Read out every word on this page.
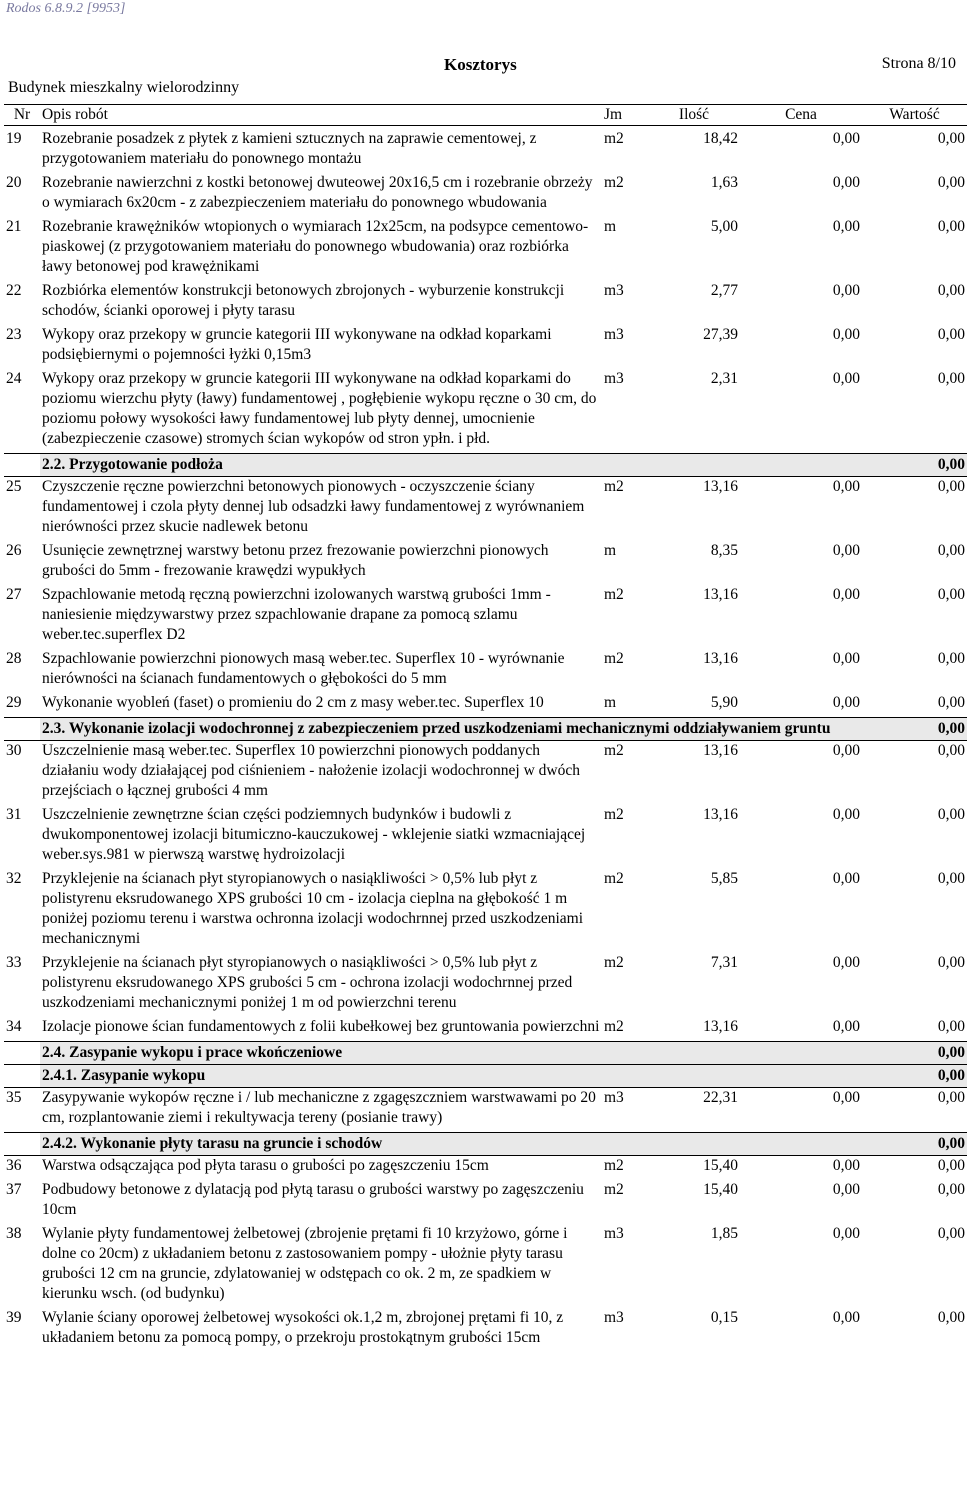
Rodos 6.8.9.2 [9953]
Kosztorys	Strona 8/10
Budynek mieszkalny wielorodzinny
Nr	Opis robót	Jm	Ilość	Cena	Wartość
19	Rozebranie posadzek z płytek z kamieni sztucznych na zaprawie cementowej, z przygotowaniem materiału do ponownego montażu	m2	18,42	0,00	0,00
20	Rozebranie nawierzchni z kostki betonowej dwuteowej 20x16,5 cm i rozebranie obrzeży o wymiarach 6x20cm - z zabezpieczeniem materiału do ponownego wbudowania	m2	1,63	0,00	0,00
21	Rozebranie krawężników wtopionych o wymiarach 12x25cm, na podsypce cementowo-piaskowej (z przygotowaniem materiału do ponownego wbudowania) oraz rozbiórka ławy betonowej pod krawężnikami	m	5,00	0,00	0,00
22	Rozbiórka elementów konstrukcji betonowych zbrojonych - wyburzenie konstrukcji schodów, ścianki oporowej i płyty tarasu	m3	2,77	0,00	0,00
23	Wykopy oraz przekopy w gruncie kategorii III wykonywane na odkład koparkami podsiębiernymi o pojemności łyżki 0,15m3	m3	27,39	0,00	0,00
24	Wykopy oraz przekopy w gruncie kategorii III wykonywane na odkład koparkami do poziomu wierzchu płyty (ławy) fundamentowej , pogłębienie wykopu ręczne o 30 cm, do poziomu połowy wysokości ławy fundamentowej lub płyty dennej, umocnienie (zabezpieczenie czasowe) stromych ścian wykopów od stron ypłn. i płd.	m3	2,31	0,00	0,00
	2.2. Przygotowanie podłoża				0,00
25	Czyszczenie ręczne powierzchni betonowych pionowych - oczyszczenie ściany fundamentowej i czola płyty dennej lub odsadzki ławy fundamentowej z wyrównaniem nierówności przez skucie nadlewek betonu	m2	13,16	0,00	0,00
26	Usunięcie zewnętrznej warstwy betonu przez frezowanie powierzchni pionowych grubości do 5mm - frezowanie krawędzi wypukłych	m	8,35	0,00	0,00
27	Szpachlowanie metodą ręczną powierzchni izolowanych warstwą grubości 1mm - naniesienie międzywarstwy przez szpachlowanie drapane za pomocą szlamu weber.tec.superflex D2	m2	13,16	0,00	0,00
28	Szpachlowanie powierzchni pionowych masą weber.tec. Superflex 10 - wyrównanie nierówności na ścianach fundamentowych o głębokości do 5 mm	m2	13,16	0,00	0,00
29	Wykonanie wyobleń (faset) o promieniu do 2 cm z masy weber.tec. Superflex 10	m	5,90	0,00	0,00
	2.3. Wykonanie izolacji wodochronnej z zabezpieczeniem przed uszkodzeniami mechanicznymi oddziaływaniem gruntu				0,00
30	Uszczelnienie masą weber.tec. Superflex 10 powierzchni pionowych poddanych działaniu wody działającej pod ciśnieniem - nałożenie izolacji wodochronnej w dwóch przejściach o łącznej grubości 4 mm	m2	13,16	0,00	0,00
31	Uszczelnienie zewnętrzne ścian części podziemnych budynków i budowli z dwukomponentowej izolacji bitumiczno-kauczukowej - wklejenie siatki wzmacniającej weber.sys.981 w pierwszą warstwę hydroizolacji	m2	13,16	0,00	0,00
32	Przyklejenie na ścianach płyt styropianowych o nasiąkliwości > 0,5% lub płyt z polistyrenu eksrudowanego XPS grubości 10 cm - izolacja cieplna na głębokość 1 m poniżej poziomu terenu i warstwa ochronna izolacji wodochrnnej przed uszkodzeniami mechanicznymi	m2	5,85	0,00	0,00
33	Przyklejenie na ścianach płyt styropianowych o nasiąkliwości > 0,5% lub płyt z polistyrenu eksrudowanego XPS grubości 5 cm - ochrona izolacji wodochrnnej przed uszkodzeniami mechanicznymi poniżej 1 m od powierzchni terenu	m2	7,31	0,00	0,00
34	Izolacje pionowe ścian fundamentowych z folii kubełkowej bez gruntowania powierzchni	m2	13,16	0,00	0,00
	2.4. Zasypanie wykopu i prace wkończeniowe				0,00
	2.4.1. Zasypanie wykopu				0,00
35	Zasypywanie wykopów ręczne i / lub mechaniczne z zgagęszczniem warstwawami po 20 cm, rozplantowanie ziemi i rekultywacja tereny (posianie trawy)	m3	22,31	0,00	0,00
	2.4.2. Wykonanie płyty tarasu na gruncie i schodów				0,00
36	Warstwa odsączająca pod płyta tarasu o grubości po zagęszczeniu 15cm	m2	15,40	0,00	0,00
37	Podbudowy betonowe z dylatacją pod płytą tarasu o grubości warstwy po zagęszczeniu 10cm	m2	15,40	0,00	0,00
38	Wylanie płyty fundamentowej żelbetowej (zbrojenie prętami fi 10 krzyżowo, górne i dolne co 20cm) z układaniem betonu z zastosowaniem pompy - ułożnie płyty tarasu grubości 12 cm na gruncie, zdylatowaniej w odstępach co ok. 2 m, ze spadkiem w kierunku wsch. (od budynku)	m3	1,85	0,00	0,00
39	Wylanie ściany oporowej żelbetowej wysokości ok.1,2 m, zbrojonej prętami fi 10, z układaniem betonu za pomocą pompy, o przekroju prostokątnym grubości 15cm	m3	0,15	0,00	0,00
